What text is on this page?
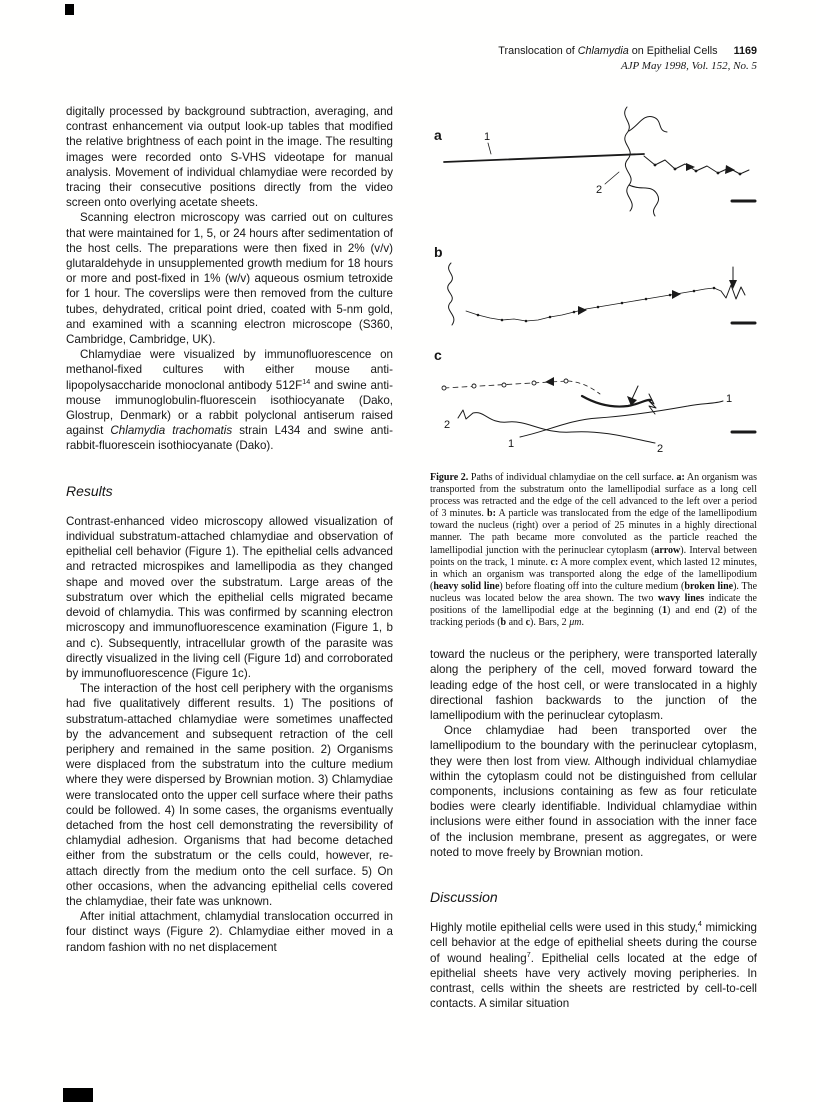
Translocation of Chlamydia on Epithelial Cells 1169
AJP May 1998, Vol. 152, No. 5

digitally processed by background subtraction, averaging, and contrast enhancement via output look-up tables that modified the relative brightness of each point in the image. The resulting images were recorded onto S-VHS videotape for manual analysis. Movement of individual chlamydiae were recorded by tracing their consecutive positions directly from the video screen onto overlying acetate sheets.

Scanning electron microscopy was carried out on cultures that were maintained for 1, 5, or 24 hours after sedimentation of the host cells. The preparations were then fixed in 2% (v/v) glutaraldehyde in unsupplemented growth medium for 18 hours or more and post-fixed in 1% (w/v) aqueous osmium tetroxide for 1 hour. The coverslips were then removed from the culture tubes, dehydrated, critical point dried, coated with 5-nm gold, and examined with a scanning electron microscope (S360, Cambridge, Cambridge, UK).

Chlamydiae were visualized by immunofluorescence on methanol-fixed cultures with either mouse anti-lipopolysaccharide monoclonal antibody $512F^{14}$ and swine anti-mouse immunoglobulin-fluorescein isothiocyanate (Dako, Glostrup, Denmark) or a rabbit polyclonal antiserum raised against Chlamydia trachomatis strain L434 and swine anti-rabbit-fluorescein isothiocyanate (Dako).

Results

Contrast-enhanced video microscopy allowed visualization of individual substratum-attached chlamydiae and observation of epithelial cell behavior (Figure 1). The epithelial cells advanced and retracted microspikes and lamellipodia as they changed shape and moved over the substratum. Large areas of the substratum over which the epithelial cells migrated became devoid of chlamydia. This was confirmed by scanning electron microscopy and immunofluorescence examination (Figure 1, b and c). Subsequently, intracellular growth of the parasite was directly visualized in the living cell (Figure 1d) and corroborated by immunofluorescence (Figure 1c).

The interaction of the host cell periphery with the organisms had five qualitatively different results. 1) The positions of substratum-attached chlamydiae were sometimes unaffected by the advancement and subsequent retraction of the cell periphery and remained in the same position. 2) Organisms were displaced from the substratum into the culture medium where they were dispersed by Brownian motion. 3) Chlamydiae were translocated onto the upper cell surface where their paths could be followed. 4) In some cases, the organisms eventually detached from the host cell demonstrating the reversibility of chlamydial adhesion. Organisms that had become detached either from the substratum or the cells could, however, re-attach directly from the medium onto the cell surface. 5) On other occasions, when the advancing epithelial cells covered the chlamydiae, their fate was unknown.

After initial attachment, chlamydial translocation occurred in four distinct ways (Figure 2). Chlamydiae either moved in a random fashion with no net displacement

a	1
2
b
c
2
1	2
1
Figure 2. Paths of individual chlamydiae on the cell surface. a: An organism was transported from the substratum onto the lamellipodial surface as a long cell process was retracted and the edge of the cell advanced to the left over a period of 3 minutes. b: A particle was translocated from the edge of the lamellipodium toward the nucleus (right) over a period of 25 minutes in a highly directional manner. The path became more convoluted as the particle reached the lamellipodial junction with the perinuclear cytoplasm (arrow). Interval between points on the track, 1 minute. c: A more complex event, which lasted 12 minutes, in which an organism was transported along the edge of the lamellipodium (heavy solid line) before floating off into the culture medium (broken line). The nucleus was located below the area shown. The two wavy lines indicate the positions of the lamellipodial edge at the beginning (1) and end (2) of the tracking periods (b and c). Bars, 2 μm.

toward the nucleus or the periphery, were transported laterally along the periphery of the cell, moved forward toward the leading edge of the host cell, or were translocated in a highly directional fashion backwards to the junction of the lamellipodium with the perinuclear cytoplasm.

Once chlamydiae had been transported over the lamellipodium to the boundary with the perinuclear cytoplasm, they were then lost from view. Although individual chlamydiae within the cytoplasm could not be distinguished from cellular components, inclusions containing as few as four reticulate bodies were clearly identifiable. Individual chlamydiae within inclusions were either found in association with the inner face of the inclusion membrane, present as aggregates, or were noted to move freely by Brownian motion.

Discussion

Highly motile epithelial cells were used in this study,$^4$ mimicking cell behavior at the edge of epithelial sheets during the course of wound healing$^7$. Epithelial cells located at the edge of epithelial sheets have very actively moving peripheries. In contrast, cells within the sheets are restricted by cell-to-cell contacts. A similar situation
